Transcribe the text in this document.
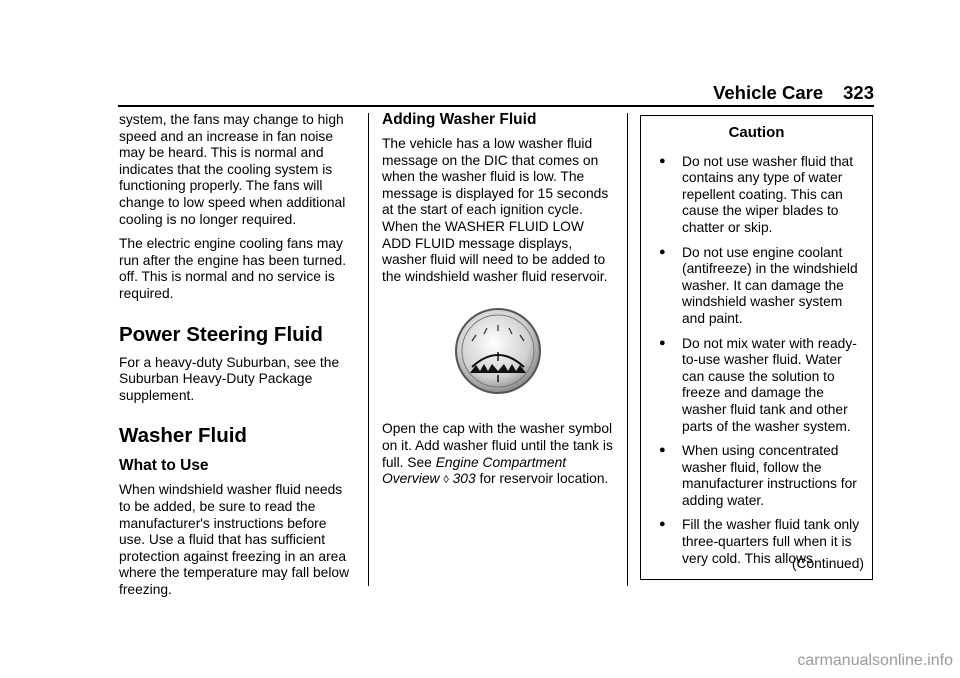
Vehicle Care 323

system, the fans may change to high speed and an increase in fan noise may be heard. This is normal and indicates that the cooling system is functioning properly. The fans will change to low speed when additional cooling is no longer required.

The electric engine cooling fans may run after the engine has been turned. off. This is normal and no service is required.

Power Steering Fluid

For a heavy-duty Suburban, see the Suburban Heavy-Duty Package supplement.

Washer Fluid
What to Use

When windshield washer fluid needs to be added, be sure to read the manufacturer's instructions before use. Use a fluid that has sufficient protection against freezing in an area where the temperature may fall below freezing.

Adding Washer Fluid

The vehicle has a low washer fluid message on the DIC that comes on when the washer fluid is low. The message is displayed for 15 seconds at the start of each ignition cycle. When the WASHER FLUID LOW ADD FLUID message displays, washer fluid will need to be added to the windshield washer fluid reservoir.

Open the cap with the washer symbol on it. Add washer fluid until the tank is full. See Engine Compartment Overview ◊ 303 for reservoir location.

Caution
● Do not use washer fluid that contains any type of water repellent coating. This can cause the wiper blades to chatter or skip.
● Do not use engine coolant (antifreeze) in the windshield washer. It can damage the windshield washer system and paint.
● Do not mix water with ready-to-use washer fluid. Water can cause the solution to freeze and damage the washer fluid tank and other parts of the washer system.
● When using concentrated washer fluid, follow the manufacturer instructions for adding water.
● Fill the washer fluid tank only three-quarters full when it is very cold. This allows
(Continued)
carmanualsonline.info
